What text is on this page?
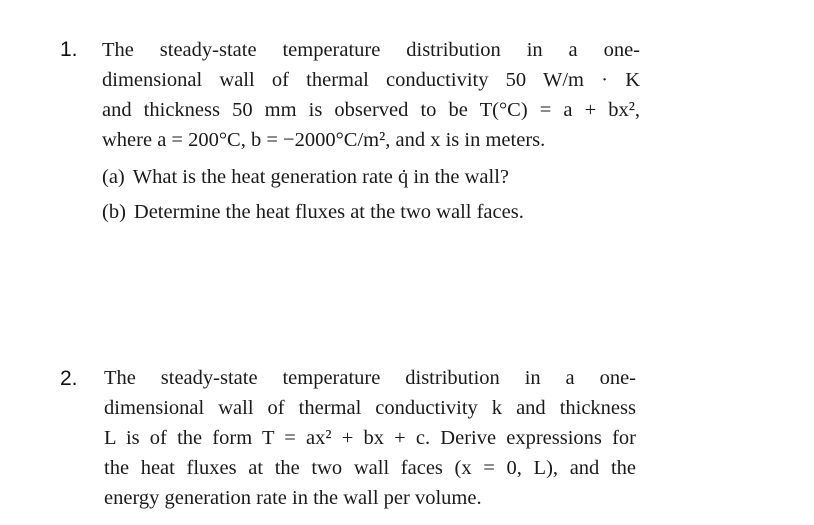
1. The steady-state temperature distribution in a one-
dimensional wall of thermal conductivity 50 W/m · K
and thickness 50 mm is observed to be T(°C) = a + bx²,
where a = 200°C, b = −2000°C/m², and x is in meters.
(a) What is the heat generation rate q̇ in the wall?
(b) Determine the heat fluxes at the two wall faces.
2. The steady-state temperature distribution in a one-
dimensional wall of thermal conductivity k and thickness
L is of the form T = ax² + bx + c. Derive expressions for
the heat fluxes at the two wall faces (x = 0, L), and the
energy generation rate in the wall per volume.
